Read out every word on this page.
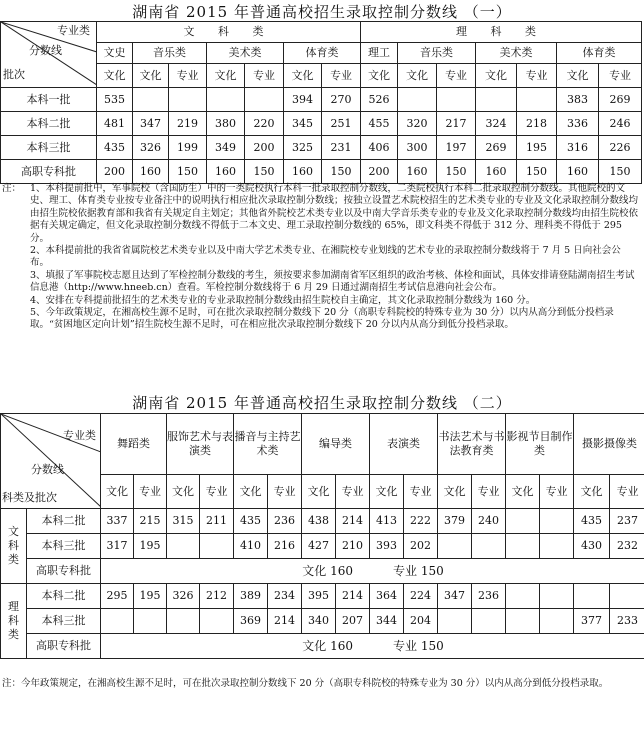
湖南省 2015 年普通高校招生录取控制分数线 （一）
专业类
分数线
批次	文 科 类							理 科 类						
	文史	音乐类		美术类		体育类		理工	音乐类		美术类		体育类	
	文化	文化	专业	文化	专业	文化	专业	文化	文化	专业	文化	专业	文化	专业
本科一批	535					394	270	526					383	269
本科二批	481	347	219	380	220	345	251	455	320	217	324	218	336	246
本科三批	435	326	199	349	200	325	231	406	300	197	269	195	316	226
高职专科批	200	160	150	160	150	160	150	200	160	150	160	150	160	150
注： 1、本科提前批中，军事院校（含国防生）中的一类院校执行本科一批录取控制分数线，二类院校执行本科二批录取控制分数线。其他院校的文史、理工、体育类专业按专业备注中的说明执行相应批次录取控制分数线；按独立设置艺术院校招生的艺术类专业的专业及文化录取控制分数线均由招生院校依据教育部和我省有关规定自主划定；其他省外院校艺术类专业以及中南大学音乐类专业的专业及文化录取控制分数线均由招生院校依据有关规定确定，但文化录取控制分数线不得低于二本文史、理工录取控制分数线的 65%，即文科类不得低于 312 分、理科类不得低于 295 分。
2、本科提前批的我省省属院校艺术类专业以及中南大学艺术类专业、在湘院校专业划线的艺术专业的录取控制分数线将于 7 月 5 日向社会公布。
3、填报了军事院校志愿且达到了军检控制分数线的考生，须按要求参加湖南省军区组织的政治考核、体检和面试，具体安排请登陆湖南招生考试信息港（http://www.hneeb.cn）查看。军检控制分数线将于 6 月 29 日通过湖南招生考试信息港向社会公布。
4、安排在专科提前批招生的艺术类专业的专业录取控制分数线由招生院校自主确定，其文化录取控制分数线为 160 分。
5、今年政策规定，在湘高校生源不足时，可在批次录取控制分数线下 20 分（高职专科院校的特殊专业为 30 分）以内从高分到低分投档录取。“贫困地区定向计划”招生院校生源不足时，可在相应批次录取控制分数线下 20 分以内从高分到低分投档录取。
湖南省 2015 年普通高校招生录取控制分数线 （二）
专业类
分数线
科类及批次		舞蹈类		服饰艺术与表演类		播音与主持艺术类		编导类		表演类		书法艺术与书法教育类		影视节目制作类		摄影摄像类	
		文化	专业	文化	专业	文化	专业	文化	专业	文化	专业	文化	专业	文化	专业	文化	专业
文
科
类	本科二批	337	215	315	211	435	236	438	214	413	222	379	240			435	237
	本科三批	317	195			410	216	427	210	393	202					430	232
	高职专科批	文化 160 专业 150															
理
科
类	本科二批	295	195	326	212	389	234	395	214	364	224	347	236				
	本科三批					369	214	340	207	344	204					377	233
	高职专科批	文化 160 专业 150															
注：今年政策规定，在湘高校生源不足时，可在批次录取控制分数线下 20 分（高职专科院校的特殊专业为 30 分）以内从高分到低分投档录取。
